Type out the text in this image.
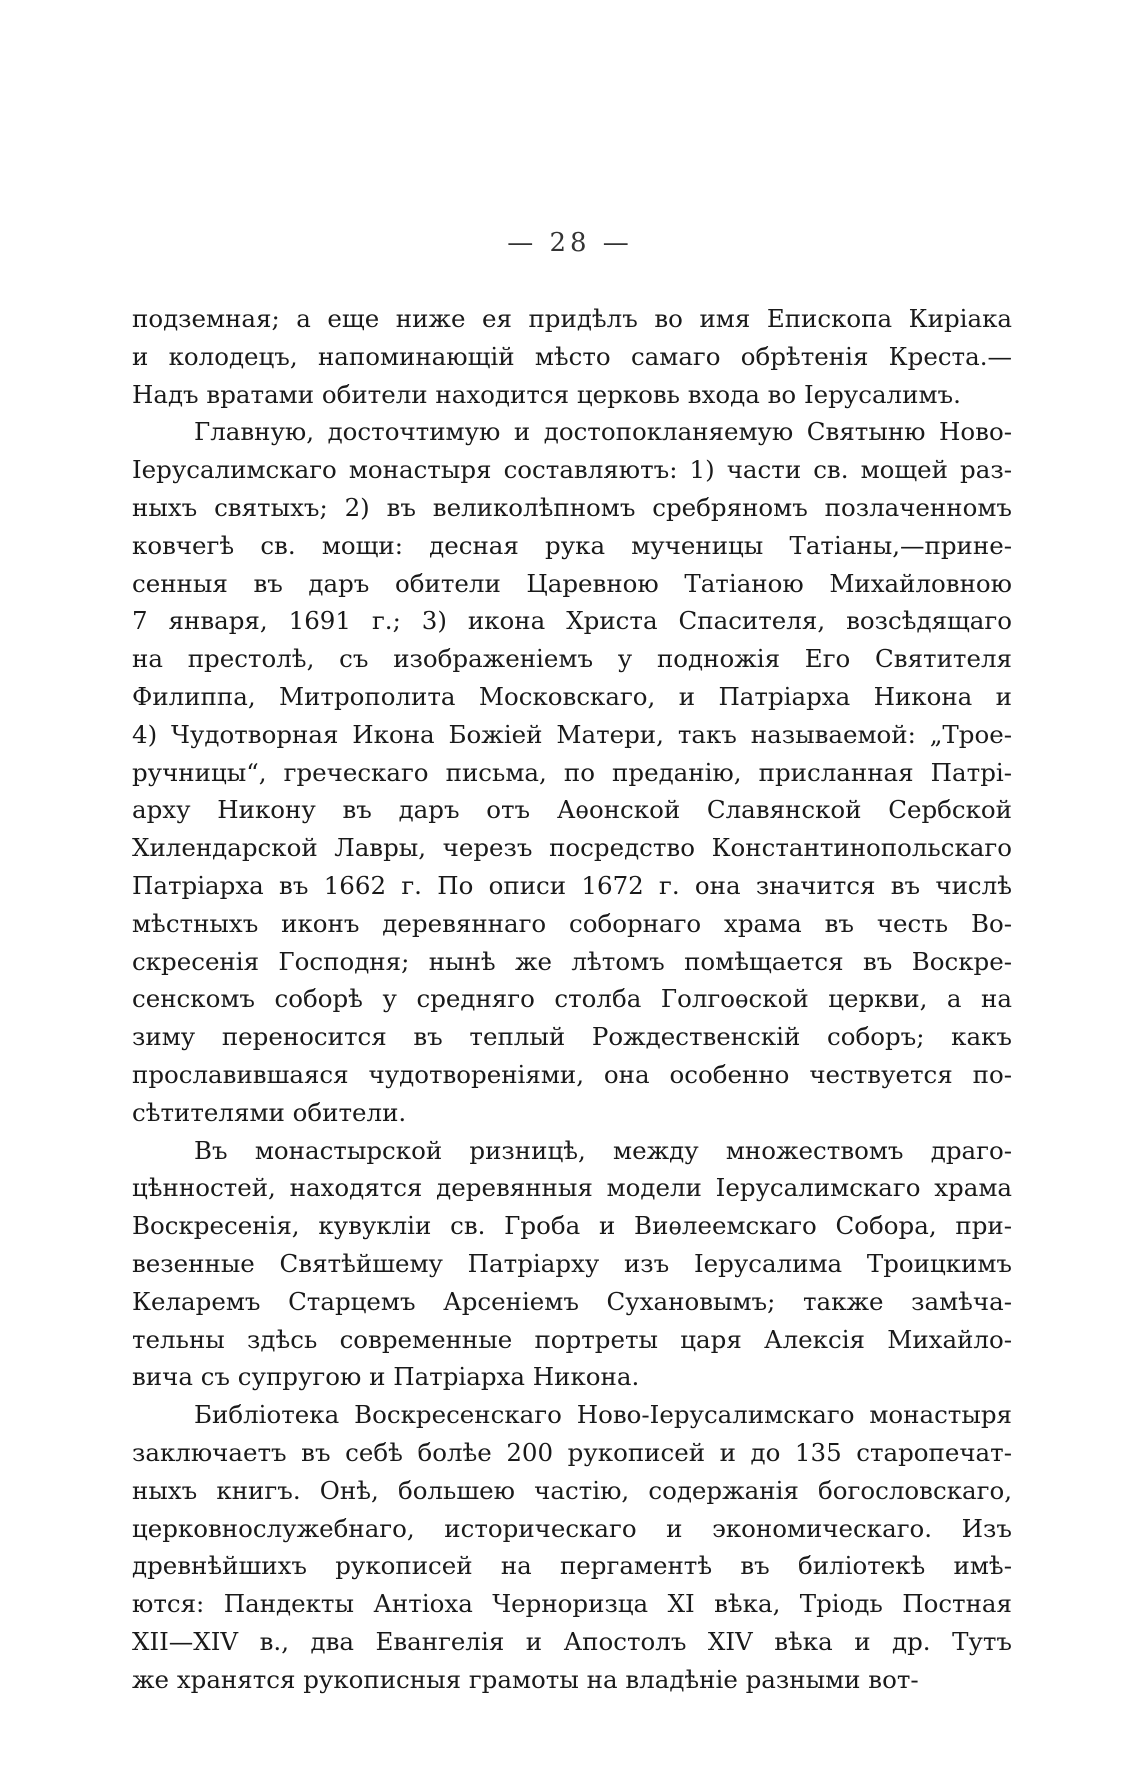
— 28 —
подземная; а еще ниже ея придѣлъ во имя Епископа Киріака
и колодецъ, напоминающій мѣсто самаго обрѣтенія Креста.—
Надъ вратами обители находится церковь входа во Іерусалимъ.
Главную, досточтимую и достопокланяемую Святыню Ново-
Іерусалимскаго монастыря составляютъ: 1) части св. мощей раз-
ныхъ святыхъ; 2) въ великолѣпномъ сребряномъ позлаченномъ
ковчегѣ св. мощи: десная рука мученицы Татіаны,—прине-
сенныя въ даръ обители Царевною Татіаною Михайловною
7 января, 1691 г.; 3) икона Христа Спасителя, возсѣдящаго
на престолѣ, съ изображеніемъ у подножія Его Святителя
Филиппа, Митрополита Московскаго, и Патріарха Никона и
4) Чудотворная Икона Божіей Матери, такъ называемой: „Трое-
ручницы“, греческаго письма, по преданію, присланная Патрі-
арху Никону въ даръ отъ Аѳонской Славянской Сербской
Хилендарской Лавры, черезъ посредство Константинопольскаго
Патріарха въ 1662 г. По описи 1672 г. она значится въ числѣ
мѣстныхъ иконъ деревяннаго соборнаго храма въ честь Во-
скресенія Господня; нынѣ же лѣтомъ помѣщается въ Воскре-
сенскомъ соборѣ у средняго столба Голгоѳской церкви, а на
зиму переносится въ теплый Рождественскій соборъ; какъ
прославившаяся чудотвореніями, она особенно чествуется по-
сѣтителями обители.
Въ монастырской ризницѣ, между множествомъ драго-
цѣнностей, находятся деревянныя модели Іерусалимскаго храма
Воскресенія, кувукліи св. Гроба и Виѳлеемскаго Собора, при-
везенные Святѣйшему Патріарху изъ Іерусалима Троицкимъ
Келаремъ Старцемъ Арсеніемъ Сухановымъ; также замѣча-
тельны здѣсь современные портреты царя Алексія Михайло-
вича съ супругою и Патріарха Никона.
Библіотека Воскресенскаго Ново-Іерусалимскаго монастыря
заключаетъ въ себѣ болѣе 200 рукописей и до 135 старопечат-
ныхъ книгъ. Онѣ, большею частію, содержанія богословскаго,
церковнослужебнаго, историческаго и экономическаго. Изъ
древнѣйшихъ рукописей на пергаментѣ въ биліотекѣ имѣ-
ются: Пандекты Антіоха Черноризца XI вѣка, Тріодь Постная
XII—XIV в., два Евангелія и Апостолъ XIV вѣка и др. Тутъ
же хранятся рукописныя грамоты на владѣніе разными вот-
